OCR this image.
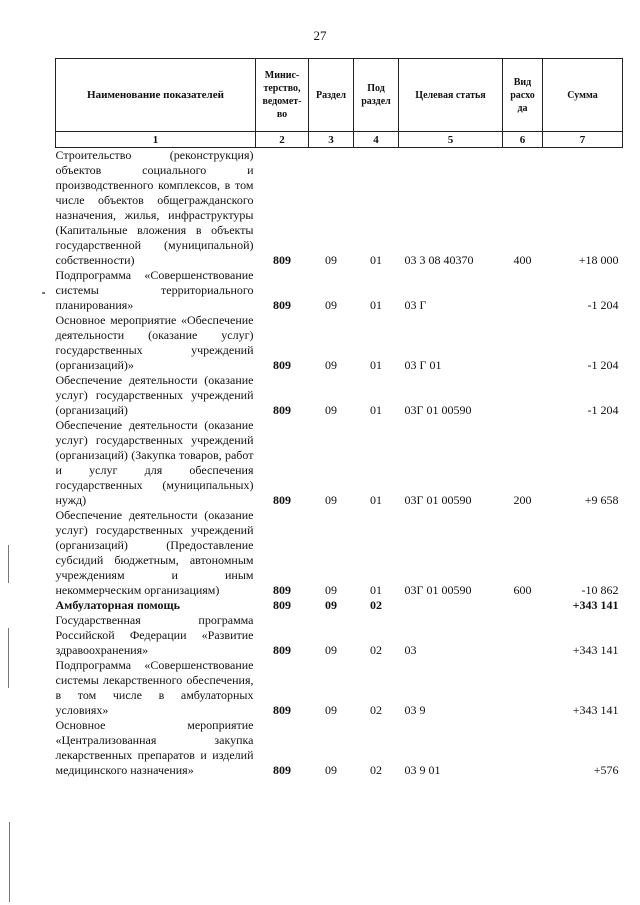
27
Наименование показателей	Минис- терство, ведомет- во	Раздел	Под раздел	Целевая статья	Вид расхо да	Сумма
1	2	3	4	5	6	7
Строительство (реконструкция) объектов социального и производственного комплексов, в том числе объектов общегражданского назначения, жилья, инфраструктуры (Капитальные вложения в объекты государственной (муниципальной) собственности)	809	09	01	03 3 08 40370	400	+18 000
Подпрограмма «Совершенствование системы территориального планирования»	809	09	01	03 Г		-1 204
Основное мероприятие «Обеспечение деятельности (оказание услуг) государственных учреждений (организаций)»	809	09	01	03 Г 01		-1 204
Обеспечение деятельности (оказание услуг) государственных учреждений (организаций)	809	09	01	03Г 01 00590		-1 204
Обеспечение деятельности (оказание услуг) государственных учреждений (организаций) (Закупка товаров, работ и услуг для обеспечения государственных (муниципальных) нужд)	809	09	01	03Г 01 00590	200	+9 658
Обеспечение деятельности (оказание услуг) государственных учреждений (организаций) (Предоставление субсидий бюджетным, автономным учреждениям и иным некоммерческим организациям)	809	09	01	03Г 01 00590	600	-10 862
Амбулаторная помощь	809	09	02			+343 141
Государственная программа Российской Федерации «Развитие здравоохранения»	809	09	02	03		+343 141
Подпрограмма «Совершенствование системы лекарственного обеспечения, в том числе в амбулаторных условиях»	809	09	02	03 9		+343 141
Основное мероприятие «Централизованная закупка лекарственных препаратов и изделий медицинского назначения»	809	09	02	03 9 01		+576
